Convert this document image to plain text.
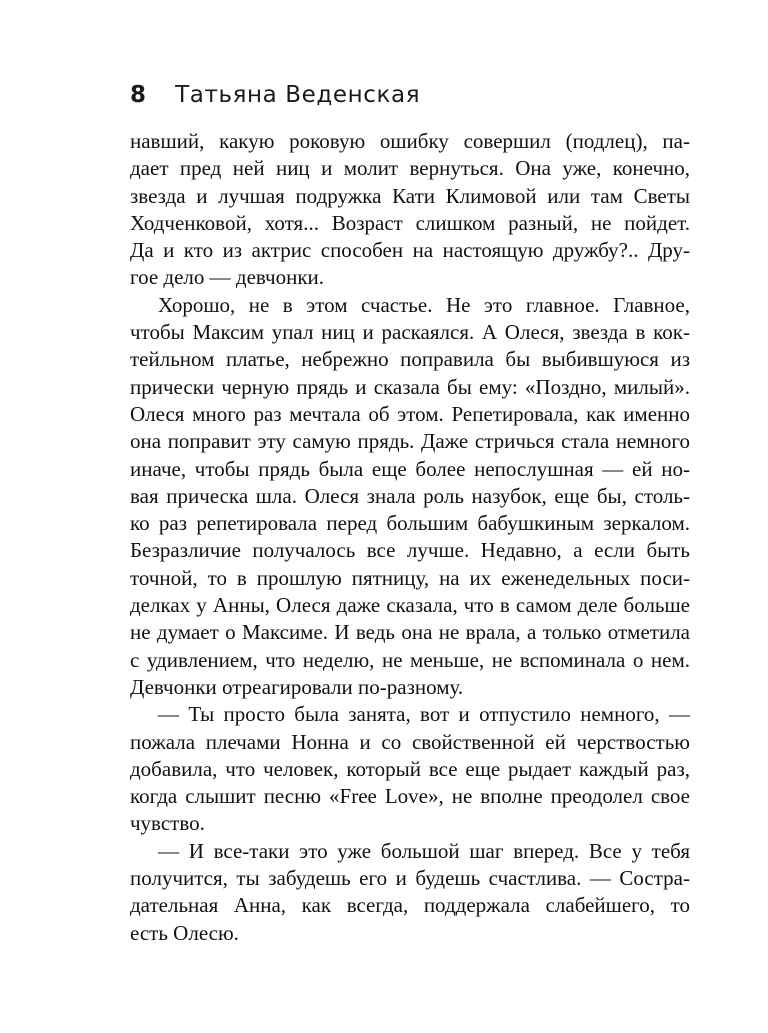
8 Татьяна Веденская
навший, какую роковую ошибку совершил (подлец), па-
дает пред ней ниц и молит вернуться. Она уже, конечно,
звезда и лучшая подружка Кати Климовой или там Светы
Ходченковой, хотя... Возраст слишком разный, не пойдет.
Да и кто из актрис способен на настоящую дружбу?.. Дру-
гое дело — девчонки.
Хорошо, не в этом счастье. Не это главное. Главное,
чтобы Максим упал ниц и раскаялся. А Олеся, звезда в кок-
тейльном платье, небрежно поправила бы выбившуюся из
прически черную прядь и сказала бы ему: «Поздно, милый».
Олеся много раз мечтала об этом. Репетировала, как именно
она поправит эту самую прядь. Даже стричься стала немного
иначе, чтобы прядь была еще более непослушная — ей но-
вая прическа шла. Олеся знала роль назубок, еще бы, столь-
ко раз репетировала перед большим бабушкиным зеркалом.
Безразличие получалось все лучше. Недавно, а если быть
точной, то в прошлую пятницу, на их еженедельных поси-
делках у Анны, Олеся даже сказала, что в самом деле больше
не думает о Максиме. И ведь она не врала, а только отметила
с удивлением, что неделю, не меньше, не вспоминала о нем.
Девчонки отреагировали по-разному.
— Ты просто была занята, вот и отпустило немного, —
пожала плечами Нонна и со свойственной ей черствостью
добавила, что человек, который все еще рыдает каждый раз,
когда слышит песню «Free Love», не вполне преодолел свое
чувство.
— И все-таки это уже большой шаг вперед. Все у тебя
получится, ты забудешь его и будешь счастлива. — Состра-
дательная Анна, как всегда, поддержала слабейшего, то
есть Олесю.
